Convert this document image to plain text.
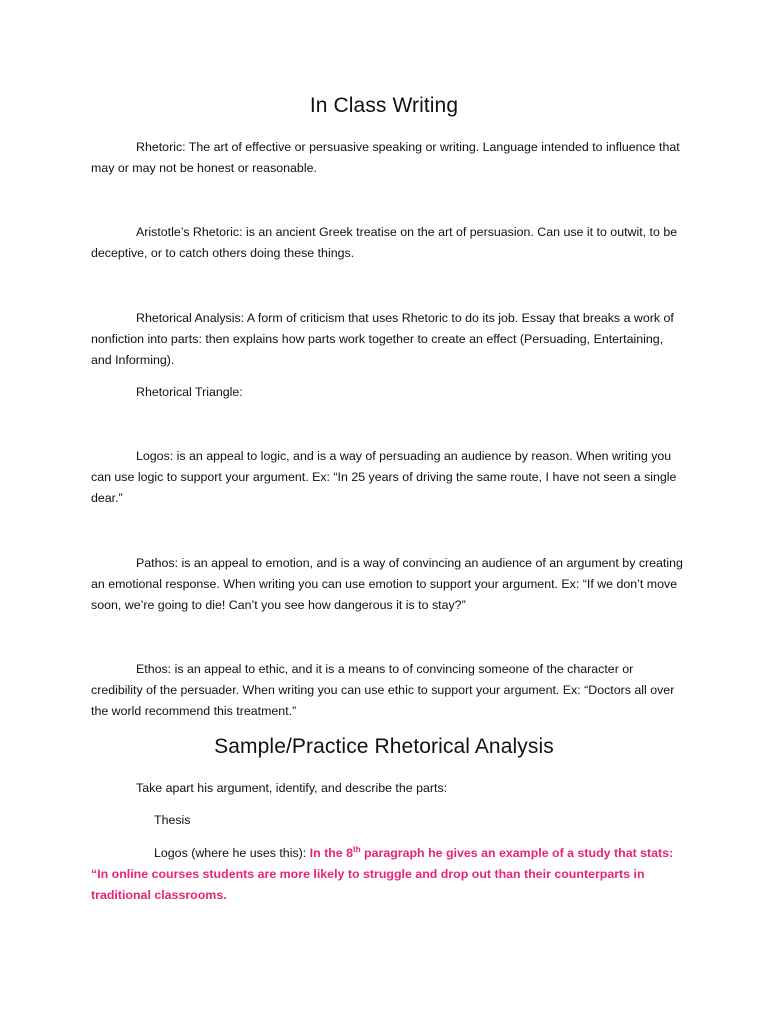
In Class Writing
Rhetoric: The art of effective or persuasive speaking or writing. Language intended to influence that may or may not be honest or reasonable.
Aristotle’s Rhetoric: is an ancient Greek treatise on the art of persuasion. Can use it to outwit, to be deceptive, or to catch others doing these things.
Rhetorical Analysis: A form of criticism that uses Rhetoric to do its job. Essay that breaks a work of nonfiction into parts: then explains how parts work together to create an effect (Persuading, Entertaining, and Informing).
Rhetorical Triangle:
Logos: is an appeal to logic, and is a way of persuading an audience by reason. When writing you can use logic to support your argument. Ex: “In 25 years of driving the same route, I have not seen a single dear.”
Pathos: is an appeal to emotion, and is a way of convincing an audience of an argument by creating an emotional response. When writing you can use emotion to support your argument. Ex: “If we don’t move soon, we’re going to die! Can’t you see how dangerous it is to stay?”
Ethos: is an appeal to ethic, and it is a means to of convincing someone of the character or credibility of the persuader. When writing you can use ethic to support your argument. Ex: “Doctors all over the world recommend this treatment.”
Sample/Practice Rhetorical Analysis
Take apart his argument, identify, and describe the parts:
Thesis
Logos (where he uses this): In the 8th paragraph he gives an example of a study that stats: “In online courses students are more likely to struggle and drop out than their counterparts in traditional classrooms.
